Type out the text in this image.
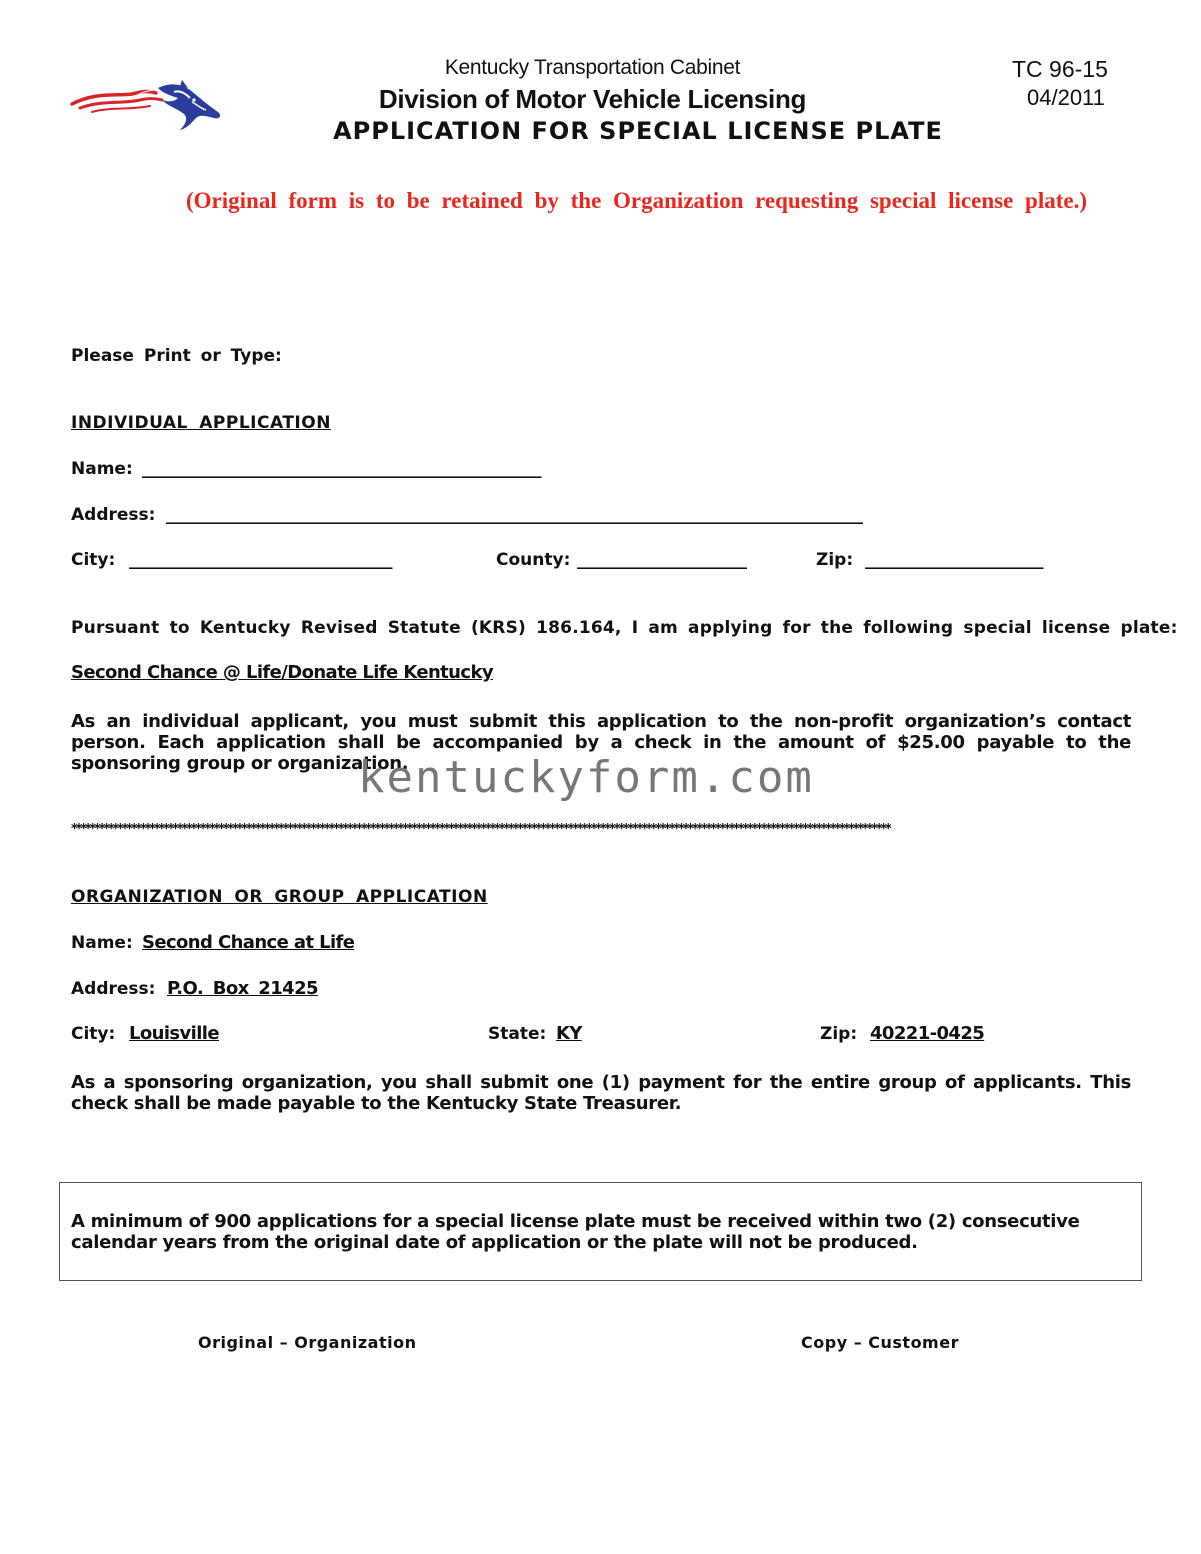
Kentucky Transportation Cabinet
Division of Motor Vehicle Licensing
APPLICATION FOR SPECIAL LICENSE PLATE
TC 96-15
04/2011
(Original form is to be retained by the Organization requesting special license plate.)
Please Print or Type:
INDIVIDUAL APPLICATION
Name: _______________________________________________
Address: __________________________________________________________________________________
City: _______________________________	County: ____________________	Zip: _____________________
Pursuant to Kentucky Revised Statute (KRS) 186.164, I am applying for the following special license plate:
Second Chance @ Life/Donate Life Kentucky
As an individual applicant, you must submit this application to the non-profit organization’s contact person. Each application shall be accompanied by a check in the amount of $25.00 payable to the sponsoring group or organization.
kentuckyform.com
**********************************************************************************************************************************************************************************
ORGANIZATION OR GROUP APPLICATION
Name: Second Chance at Life
Address: P.O. Box 21425
City: Louisville	State: KY	Zip: 40221-0425
As a sponsoring organization, you shall submit one (1) payment for the entire group of applicants. This check shall be made payable to the Kentucky State Treasurer.
A minimum of 900 applications for a special license plate must be received within two (2) consecutive calendar years from the original date of application or the plate will not be produced.
Original – Organization	Copy – Customer
